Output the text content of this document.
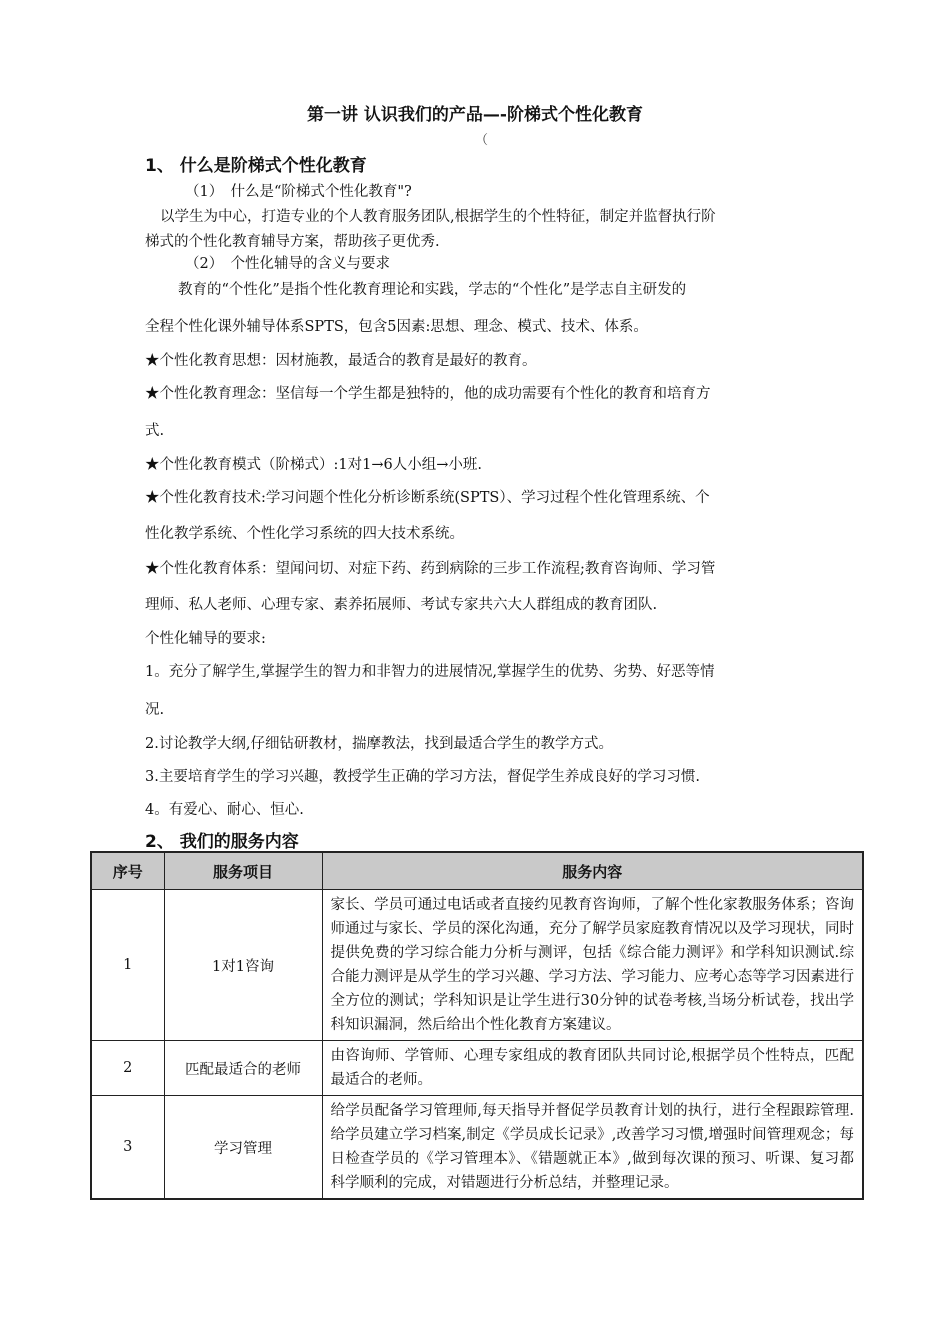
第一讲 认识我们的产品—-阶梯式个性化教育
（
1、 什么是阶梯式个性化教育
（1）　什么是“阶梯式个性化教育"?
以学生为中心，打造专业的个人教育服务团队,根据学生的个性特征，制定并监督执行阶
梯式的个性化教育辅导方案，帮助孩子更优秀.
（2）　个性化辅导的含义与要求
教育的“个性化”是指个性化教育理论和实践，学志的“个性化”是学志自主研发的
全程个性化课外辅导体系SPTS，包含5因素:思想、理念、模式、技术、体系。
★个性化教育思想：因材施教，最适合的教育是最好的教育。
★个性化教育理念：坚信每一个学生都是独特的，他的成功需要有个性化的教育和培育方
式.
★个性化教育模式（阶梯式）:1对1→6人小组→小班.
★个性化教育技术:学习问题个性化分析诊断系统(SPTS）、学习过程个性化管理系统、个
性化教学系统、个性化学习系统的四大技术系统。
★个性化教育体系：望闻问切、对症下药、药到病除的三步工作流程;教育咨询师、学习管
理师、私人老师、心理专家、素养拓展师、考试专家共六大人群组成的教育团队.
个性化辅导的要求:
1。充分了解学生,掌握学生的智力和非智力的进展情况,掌握学生的优势、劣势、好恶等情
况.
2.讨论教学大纲,仔细钻研教材，揣摩教法，找到最适合学生的教学方式。
3.主要培育学生的学习兴趣，教授学生正确的学习方法，督促学生养成良好的学习习惯.
4。有爱心、耐心、恒心.
2、 我们的服务内容
序号	服务项目	服务内容
1	1对1咨询	家长、学员可通过电话或者直接约见教育咨询师，了解个性化家教服务体系；咨询师通过与家长、学员的深化沟通，充分了解学员家庭教育情况以及学习现状，同时提供免费的学习综合能力分析与测评，包括《综合能力测评》和学科知识测试.综合能力测评是从学生的学习兴趣、学习方法、学习能力、应考心态等学习因素进行全方位的测试；学科知识是让学生进行30分钟的试卷考核,当场分析试卷，找出学科知识漏洞，然后给出个性化教育方案建议。
2	匹配最适合的老师	由咨询师、学管师、心理专家组成的教育团队共同讨论,根据学员个性特点，匹配最适合的老师。
3	学习管理	给学员配备学习管理师,每天指导并督促学员教育计划的执行，进行全程跟踪管理.给学员建立学习档案,制定《学员成长记录》,改善学习习惯,增强时间管理观念；每日检查学员的《学习管理本》、《错题就正本》,做到每次课的预习、听课、复习都科学顺利的完成，对错题进行分析总结，并整理记录。
